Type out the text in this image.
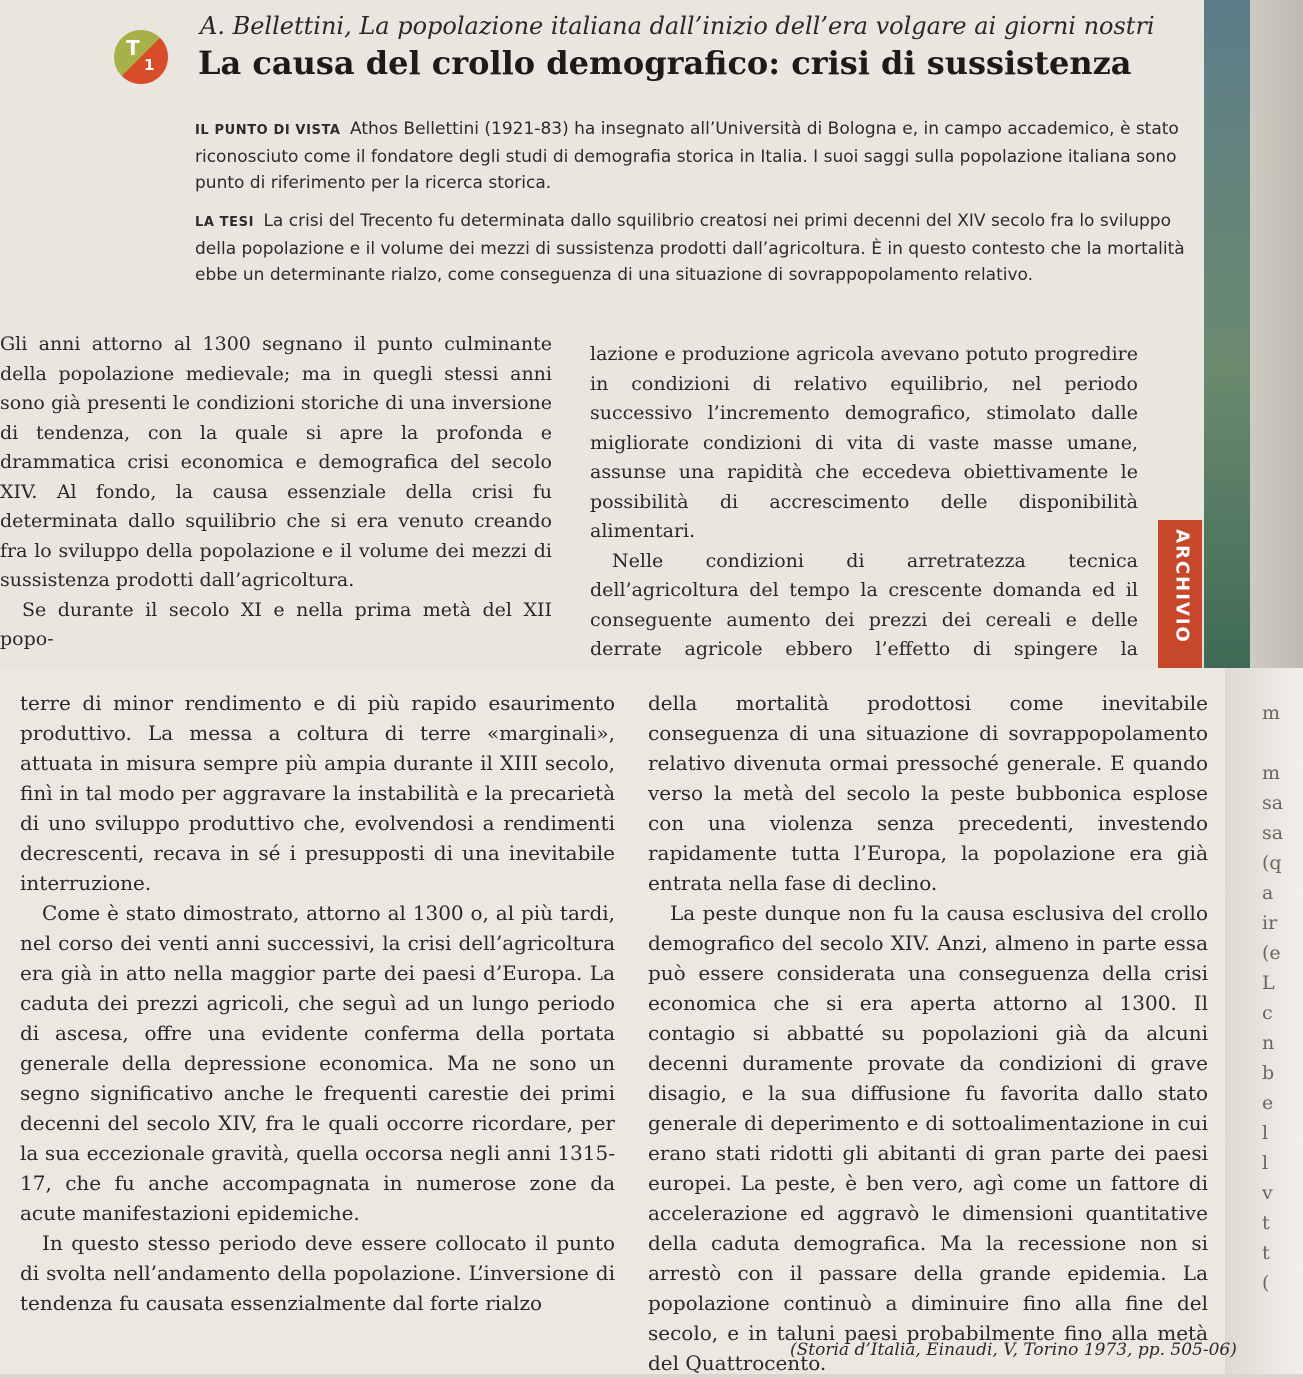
A. Bellettini, La popolazione italiana dall’inizio dell’era volgare ai giorni nostri
T
1 La causa del crollo demografico: crisi di sussistenza
IL PUNTO DI VISTA Athos Bellettini (1921-83) ha insegnato all’Università di Bologna e, in campo accademico, è stato riconosciuto come il fondatore degli studi di demografia storica in Italia. I suoi saggi sulla popolazione italiana sono punto di riferimento per la ricerca storica.
LA TESI La crisi del Trecento fu determinata dallo squilibrio creatosi nei primi decenni del XIV secolo fra lo sviluppo della popolazione e il volume dei mezzi di sussistenza prodotti dall’agricoltura. È in questo contesto che la mortalità ebbe un determinante rialzo, come conseguenza di una situazione di sovrappopolamento relativo.

Gli anni attorno al 1300 segnano il punto culminante della popolazione medievale; ma in quegli stessi anni sono già presenti le condizioni storiche di una inversione di tendenza, con la quale si apre la profonda e drammatica crisi economica e demografica del secolo XIV. Al fondo, la causa essenziale della crisi fu determinata dallo squilibrio che si era venuto creando fra lo sviluppo della popolazione e il volume dei mezzi di sussistenza prodotti dall’agricoltura.

Se durante il secolo XI e nella prima metà del XII popo-

lazione e produzione agricola avevano potuto progredire in condizioni di relativo equilibrio, nel periodo successivo l’incremento demografico, stimolato dalle migliorate condizioni di vita di vaste masse umane, assunse una rapidità che eccedeva obiettivamente le possibilità di accrescimento delle disponibilità alimentari.

Nelle condizioni di arretratezza tecnica dell’agricoltura del tempo la crescente domanda ed il conseguente aumento dei prezzi dei cereali e delle derrate agricole ebbero l’effetto di spingere la

ARCHIVIO

terre di minor rendimento e di più rapido esaurimento produttivo. La messa a coltura di terre «marginali», attuata in misura sempre più ampia durante il XIII secolo, finì in tal modo per aggravare la instabilità e la precarietà di uno sviluppo produttivo che, evolvendosi a rendimenti decrescenti, recava in sé i presupposti di una inevitabile interruzione.

Come è stato dimostrato, attorno al 1300 o, al più tardi, nel corso dei venti anni successivi, la crisi dell’agricoltura era già in atto nella maggior parte dei paesi d’Europa. La caduta dei prezzi agricoli, che seguì ad un lungo periodo di ascesa, offre una evidente conferma della portata generale della depressione economica. Ma ne sono un segno significativo anche le frequenti carestie dei primi decenni del secolo XIV, fra le quali occorre ricordare, per la sua eccezionale gravità, quella occorsa negli anni 1315-17, che fu anche accompagnata in numerose zone da acute manifestazioni epidemiche.

In questo stesso periodo deve essere collocato il punto di svolta nell’andamento della popolazione. L’inversione di tendenza fu causata essenzialmente dal forte rialzo

della mortalità prodottosi come inevitabile conseguenza di una situazione di sovrappopolamento relativo divenuta ormai pressoché generale. E quando verso la metà del secolo la peste bubbonica esplose con una violenza senza precedenti, investendo rapidamente tutta l’Europa, la popolazione era già entrata nella fase di declino.

La peste dunque non fu la causa esclusiva del crollo demografico del secolo XIV. Anzi, almeno in parte essa può essere considerata una conseguenza della crisi economica che si era aperta attorno al 1300. Il contagio si abbatté su popolazioni già da alcuni decenni duramente provate da condizioni di grave disagio, e la sua diffusione fu favorita dallo stato generale di deperimento e di sottoalimentazione in cui erano stati ridotti gli abitanti di gran parte dei paesi europei. La peste, è ben vero, agì come un fattore di accelerazione ed aggravò le dimensioni quantitative della caduta demografica. Ma la recessione non si arrestò con il passare della grande epidemia. La popolazione continuò a diminuire fino alla fine del secolo, e in taluni paesi probabilmente fino alla metà del Quattrocento.

(Storia d’Italia, Einaudi, V, Torino 1973, pp. 505-06)
m
m
sa
sa
(q
a
ir
(e
L
c
n
b
e
l
l
v
t
t
(
